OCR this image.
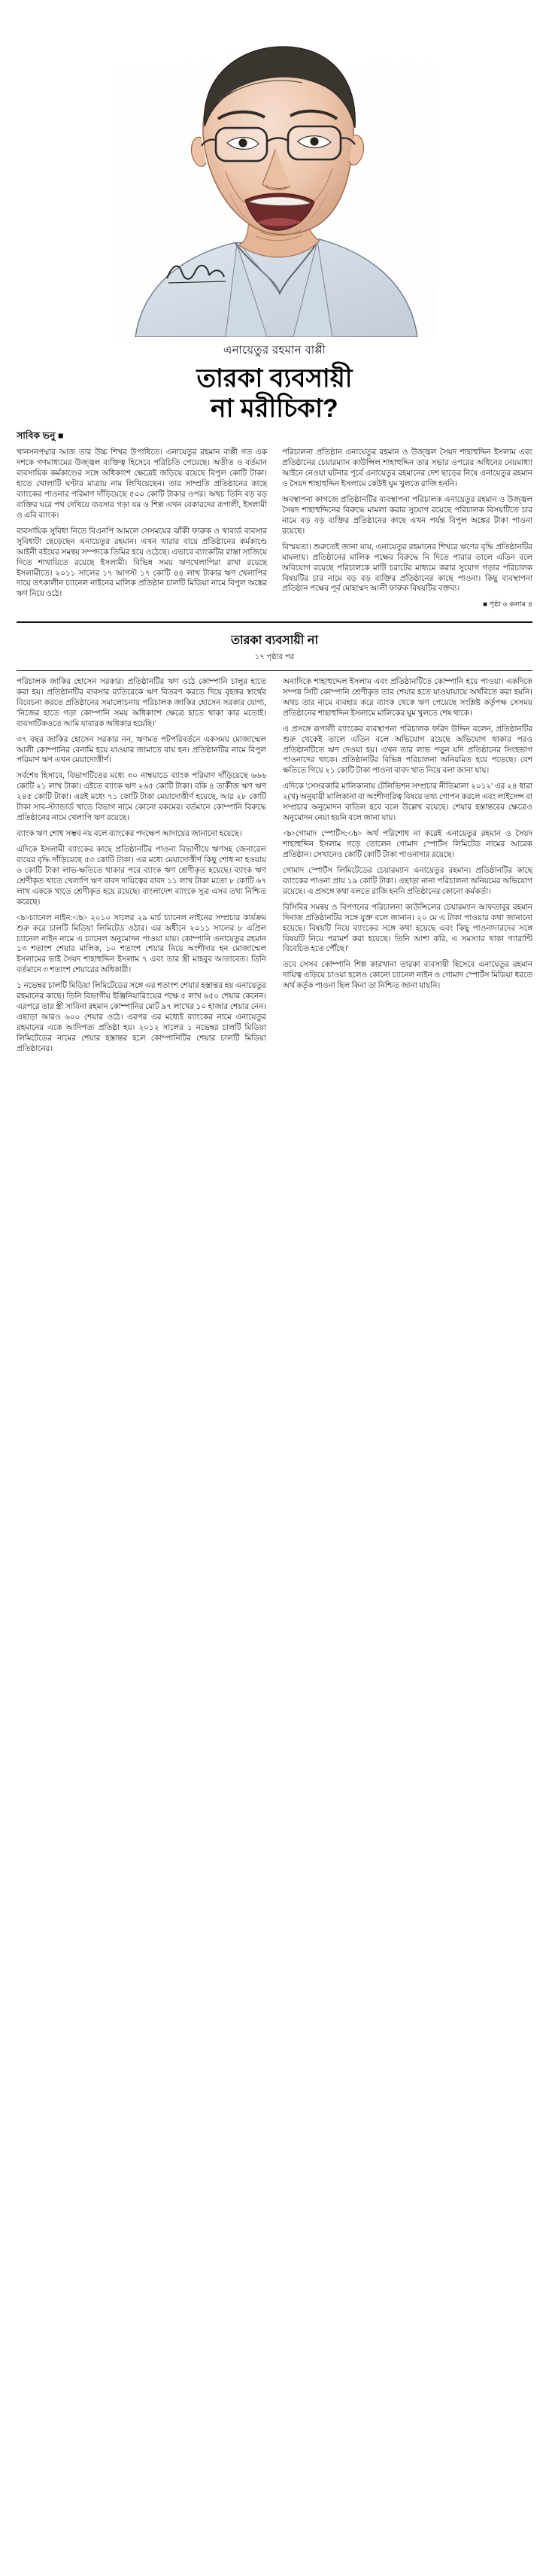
এনায়েতুর রহমান বাপ্পী
তারকা ব্যবসায়ী
না মরীচিকা?
সাবিক ভনু ■

খানসনপদ্মার আজ তার উচ্চ শিখর উপাধিতে। এনায়েতুর রহমান বাপ্পী গত এক দশকে গণমাধ্যমের উজ্জ্বল ব্যক্তিত্ব হিসেবে পরিচিতি পেয়েছে। অতীত ও বর্তমান ব্যবসায়িক কর্মকাণ্ডের সঙ্গে অধিকাংশ ক্ষেত্রেই জড়িয়ে রয়েছে বিপুল কোটি টাকা। হাতে খোলাটি ঘণ্টার মাত্রায় নাম লিখিয়েছেন। তার সাম্প্রতি প্রতিষ্ঠানের কাছে ব্যাংকের পাওনার পরিমাণ দাঁড়িয়েছে ৫০০ কোটি টাকার ওপর। অথচ তিনি বড় বড় ব্যক্তির ঘরে পথ দেখিয়ে ব্যবসার গড়া যম ও শিল্প এখন বেকারদের রূপালী, ইসলামী ও এবি ব্যাংক।

ব্যবসায়িক সুবিধা নিতে বিএনপি আমলে সেসময়ের ঝাঁকী ফারুক ও খাবার্ড ব্যবসার সুবিধাটা ছেড়েছেন এনায়েতুর রহমান। এখন খারার বায়ে প্রতিষ্ঠানের কর্মকাণ্ডে আইনী বইয়ের সমন্বয় সম্পদকে তিমির হয়ে ওঠেছে। এভাবে ব্যাংকটির রাস্তা সাজিয়ে দিতে শাখায়িতে রয়েছে ইসলামী। বিভিন্ন সময় ঋণখেলাপিরা রাখা রয়েছে ইসলামীতে। ২০১১ সালের ১৭ আগস্ট ১৭ কোটি ৪৪ লাখ টাকার ঋণ খেলাপির দায়ে তৎকালীন চ্যানেল নাইনের মালিক প্রতিষ্ঠান চালটি মিডিয়া নামে বিপুল অঙ্কের ঋণ নিয়ে ওঠে।

পরিচালনা প্রতিষ্ঠান এনায়েতুর রহমান ও উজ্জ্বল সৈয়দ শাহাহুদ্দিন ইসলাম এবং প্রতিষ্ঠানের চেয়ারম্যান কাউন্সিল শাহাহুদ্দিন তার সভার ওপরের অধিনের নেয়মাধ্যা আইনে নেওয়া ঘটনার পূর্বে এনায়েতুর রহমানের দেশ ছাড়ের নিষে এনায়েতুর রহমান ও সৈয়দ শাহাহুদ্দিন ইসলামে কেউই ঘুম খুলতে রাজি হননি।

অবস্থাপনা কাগজে প্রতিষ্ঠানটির ব্যবস্থাপনা পরিচালক এনায়েতুর রহমান ও উজ্জ্বল সৈয়দ শাহাহুদ্দিনের বিরুদ্ধে মামলা করার সুযোগ রয়েছে পরিচালক বিসয়টিতে চার নামে বড় বড় ব্যক্তির প্রতিষ্ঠানের কাছে এখন পর্যন্ত বিপুল অঙ্কের টাকা পাওনা রয়েছে।

বিস্ময়তা। শুরুতেই জানা যায়, এনায়েতুর রহমানের শিখরে ঋণের বৃদ্ধি প্রতিষ্ঠানটির মামলায়। প্রতিষ্ঠানের মালিক পক্ষের বিরুদ্ধে নি দিতে পারার তালে এতিন বলে অবিযোগ রয়েছে পরিচালকে মাটি চরাটের মাধ্যমে করার সুযোগ গড়ার পরিচালক বিষয়টির চার নামে বড় বড় ব্যক্তির প্রতিষ্ঠানের কাছে পাওনা। কিছু ব্যবস্থাপনা প্রতিষ্ঠান পক্ষের পূর্ব মোহাম্মদ আলী ফারুক বিষয়টির বক্তব্য।

■ পৃষ্ঠা ৬ কলাম ৪

তারকা ব্যবসায়ী না
১৭ পৃষ্ঠার পর

পরিচালক জাকির হোসেন সরকার। প্রতিষ্ঠানটির ঋণ ওঠে কোম্পানি চালুর হাতে করা হয়। প্রতিষ্ঠানটির ব্যবসার ব্যতিরেকে ঋণ বিতরণ করতে দিয়ে বৃহত্তর স্বার্থের বিবেচনা করতে প্রতিষ্ঠানের সমালোচনায় পরিচালক জাকির হোসেন সরকার যোগ্য, 'নিজের হাতে গড়া কোম্পানি সময় অধিকাংশ ক্ষেত্রে হাতে থাকা কার মতোই। ব্যবসাটিকওতে আমি যাবারক অধিকার হয়েছি।'

৩৭ বছর জাকির হোসেন সরকার নন, ঋণমত পটপরিবর্তনে একসময় মোজাম্মেল আলী কোম্পানির বেনামি হয়ে যাওয়ার জামাতে বায় হন। প্রতিষ্ঠানটির নামে বিপুল পরিমাণ ঋণ এখন মেয়াদোত্তীর্ণ।

সর্বশেষ হিসাবে, বিভাগটিতের মধ্যে ৩০ নাম্বয়াডে ব্যাংক পরিমাণ দাঁড়িয়েছে ৬৬৬ কোটি ২১ লাখ টাকা। এইতে ব্যাংক ঋণ ২৬৫ কোটি টাকা। বকি ৪ তার্কীজ ঋণ ঋণ ২৪৫ কোটি টাকা। এরই মধ্যে ৭১ কোটি টাকা মেয়াদোত্তীর্ণ হয়েছে, আর ২৮ কোটি টাকা সাব-স্ট্যান্ডার্ড খাতে বিভাগ নামে কোনো রকমের। বর্তমানে কোম্পানি বিরুদ্ধে প্রতিষ্ঠানের নামে খেলাপি ঋণ রয়েছে।

ব্যাংক ঋণ শোধ সম্ভব নয় বলে ব্যাংকের পদক্ষেপ আদায়ের জানানো হয়েছে।

এদিকে ইসলামী ব্যাংকের কাছে প্রতিষ্ঠানটির পাওনা বিভাগীয়ে ঋণসহ জেনারেল ব্যয়ের বৃদ্ধি দাঁড়িয়েছে ৫৩ কোটি টাকা। এর মধ্যে মেয়াদোত্তীর্ণ কিছু শোধ না হওয়ায় ৬ কোটি টাকা লাভ-ক্ষতিতে থাকার পরে ব্যাংক ঋণ শ্রেণীকৃত হয়েছে। ব্যাংক ঋণ শ্রেণীকৃত খাতে খেলাপি ঋণ বাবদ দায়িত্বের বাবদ ১১ লাখ টাকা মতো ৮ কোটি ৬৭ লাখ এককে খাতে শ্রেণীকৃত হয়ে রয়েছে। বাংলাদেশ ব্যাংকে সুত্র এসব তথ্য নিশ্চিত করেছে।

<b>চ্যানেল নাইন:</b> ২০১০ সালের ২৯ মার্চ চ্যানেল নাইনের সম্প্রচার কার্যক্রম শুরু করে চালটি মিডিয়া লিমিটেড ওঠার। এর অধীনে ২০১১ সালের ৮ এপ্রিল চ্যানেল নাইন নামে এ চ্যানেল অনুমোদন পাওয়া যায়। কোম্পানি এনায়েতুর রহমান ১৩ শতাংশ শেয়ার মালিক, ১০ শতাংশ শেয়ার নিয়ে অংশীদার হন মোজাম্মেল ইসলামের ভাই সৈয়দ শাহাহুদ্দিন ইসলাম ৭ এবং তার স্ত্রী মাহবুব আতাবেত। তিনি বর্তমানে ৩ শতাংশ শেয়ারের অধিকারী।

১ নভেম্বর চালটি মিডিয়া লিমিটেডের সঙ্গে এর শতাংশ শেয়ার হস্তান্তর হয় এনায়েতুর রহমানের কাছে। তিনি বিভাগীয় ইঞ্জিনিয়ারিংয়ের পক্ষে ৫ লাখ ৬৫০ শেয়ার কেনেন। এরপরে তার স্ত্রী সাবিনা রহমান কোম্পানির মোট ৯৭ লাখের ১০ হাজার শেয়ার নেন। এছাড়া আরও ৬০০ শেয়ার ওঠে। এরপর এর মধ্যেই ব্যাংকের নামে এনায়েতুর রহমানের একে আদিপত্য প্রতিষ্ঠা হয়। ২০১২ সালের ১ নভেম্বর চালটি মিডিয়া লিমিটেডের নামের শেয়ার হস্তান্তর হলে কোম্পানিটির শেয়ার চালটি মিডিয়া প্রতিষ্ঠানের।

অনাদিকে শাহাহুদ্দেল ইসলাম এবং প্রতিষ্ঠানটিতে কোম্পানি হয়ে পাওয়া। একদিকে সম্পন্ন সিটি কোম্পানি শ্রেণীকৃত তার শেয়ার হতে যাওয়ায়ায়ে অর্থবিতে করা হয়নি। অথচ তার নামে ব্যবহার করে ব্যাংক থেকে ঋণ পেয়েছে সংশ্লিষ্ট কর্তৃপক্ষ সেসময় প্রতিষ্ঠানের শাহাহুদ্দিন ইসলামে মালিকের ঘুম খুলতে শেষ থাকে।

এ প্রসঙ্গে রূপালী ব্যাংকের ব্যবস্থাপনা পরিচালক ফরিদ উদ্দিন বলেন, প্রতিষ্ঠানটির শুরু থেকেই তালে এতিন বলে অভিযোগ রয়েছে অভিযোগ থাকার পরও প্রতিষ্ঠানটিতে ঋণ দেওয়া হয়। এখন তার লাভ পড়ুন যদি প্রতিষ্ঠানের সিংহভাগ পাওনাদের থাকে। প্রতিষ্ঠানটির বিভিন্ন পরিচালনা অনিয়মিত হয়ে পড়েছে। বেশ ক্ষতিতে গিয়ে ২১ কোটি টাকা পাওনা বাবদ খাত নিয়ে বলা জানা যায়।

এদিকে 'সেসরকারি মালিকানায় টেলিভিশন সম্প্রচার নীতিমালা ২০১২' এর ২৪ ধারা ২(খ) অনুযায়ী মালিকানা বা অংশীদারিত্ব বিষয়ে তথ্য গোপন করলে এবং লাইসেন্স বা সম্প্রচার অনুমোদন বাতিল হবে বলে উল্লেখ রয়েছে। শেয়ার হস্তান্তরের ক্ষেত্রেও অনুমোদন নেয়া হয়নি বলে জানা যায়।

<b>গোমাদ স্পোর্টস:</b> অর্থ পরিশোধ না করেই এনায়েতুর রহমান ও সৈয়দ শাহাহুদ্দিন ইসলাম গড়ে তোলেন গোমাদ স্পোর্টস লিমিটেড নামের আরেক প্রতিষ্ঠান। সেখানেও কোটি কোটি টাকা পাওনাদার রয়েছে।

গোমাদ স্পোর্টস লিমিটেডের চেয়ারম্যান এনায়েতুর রহমান। প্রতিষ্ঠানটির কাছে ব্যাংকের পাওনা প্রায় ১৯ কোটি টাকা। এছাড়া নানা পরিচালনা অনিয়মের অভিযোগ রয়েছে। এ প্রসঙ্গে কথা বলতে রাজি হননি প্রতিষ্ঠানের কোনো কর্মকর্তা।

বিসিবির সমন্বয় ও বিপণনের পরিচালনা কাউন্সিলের চেয়ারম্যান আফতাবুর রহমান দিনাজ প্রতিষ্ঠানটির সঙ্গে যুক্ত বলে জানান। ২০ মে এ টাকা পাওয়ার কথা জানানো হয়েছে। বিষয়টি নিয়ে ব্যাংকের সঙ্গে কথা হয়েছে এবং কিছু পাওনাদারদের সঙ্গে বিষয়টি নিয়ে পরামর্শ করা হয়েছে। তিনি আশা করি, এ সমস্যার থাকা গ্যারান্টি বিবেচিত হতে পৌঁছে।'

তবে সেসব কোম্পানি শিল্প কারখানা তারকা ব্যবসায়ী হিসেবে এনায়েতুর রহমান দায়িত্ব এড়িয়ে চাওয়া হলেও কোনো চ্যানেল নাইন ও গোমাদ স্পোর্টস মিডিয়া ধরতে অর্থ কর্তৃক পাওনা ছিল কিনা তা নিশ্চিত জানা যায়নি।
